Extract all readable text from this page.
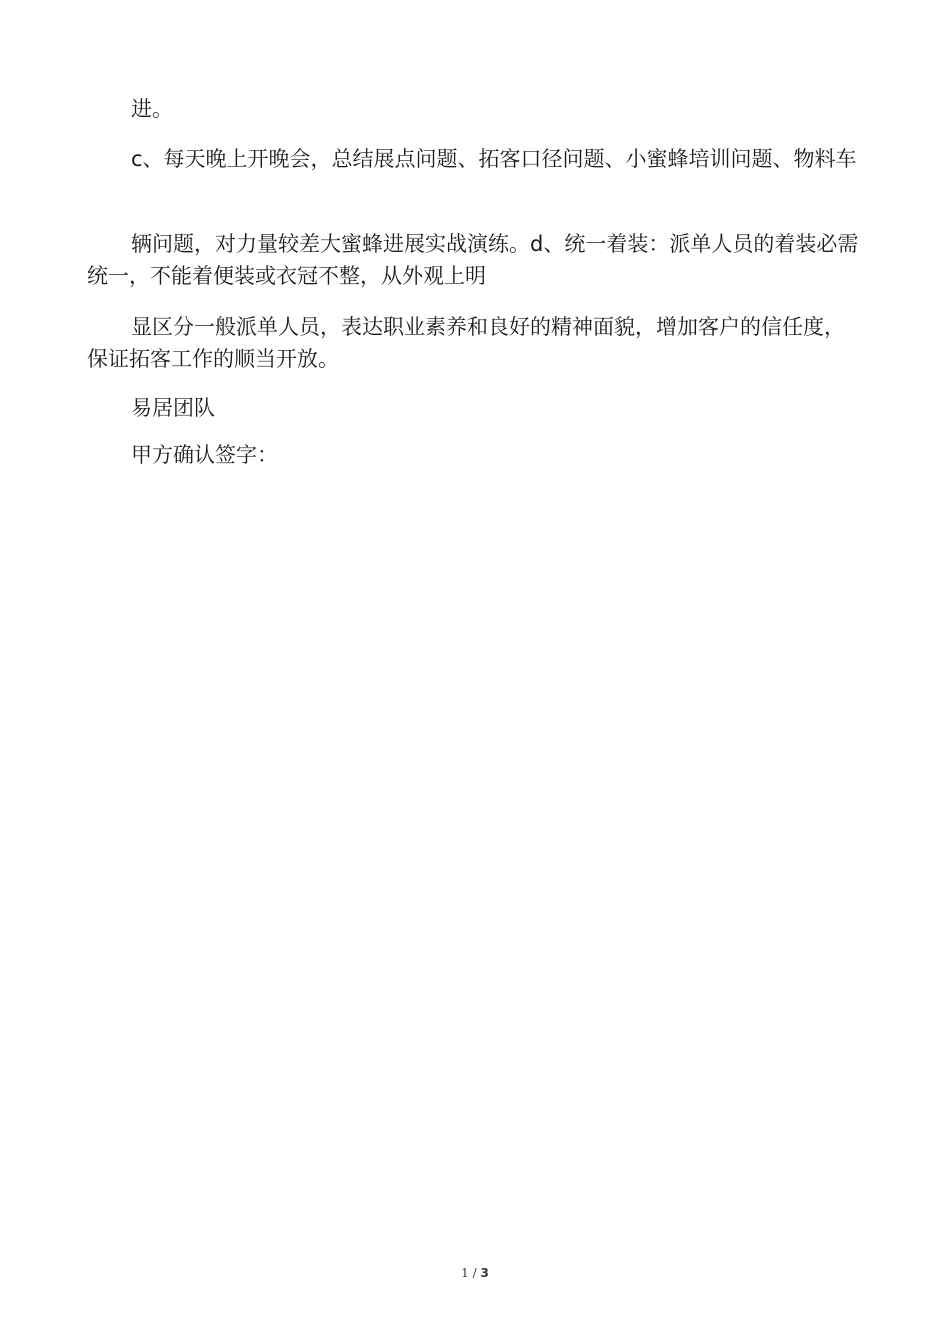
进。

c、每天晚上开晚会，总结展点问题、拓客口径问题、小蜜蜂培训问题、物料车

辆问题，对力量较差大蜜蜂进展实战演练。d、统一着装：派单人员的着装必需统一，不能着便装或衣冠不整，从外观上明

显区分一般派单人员，表达职业素养和良好的精神面貌，增加客户的信任度，保证拓客工作的顺当开放。

易居团队

甲方确认签字：

1 / 3
